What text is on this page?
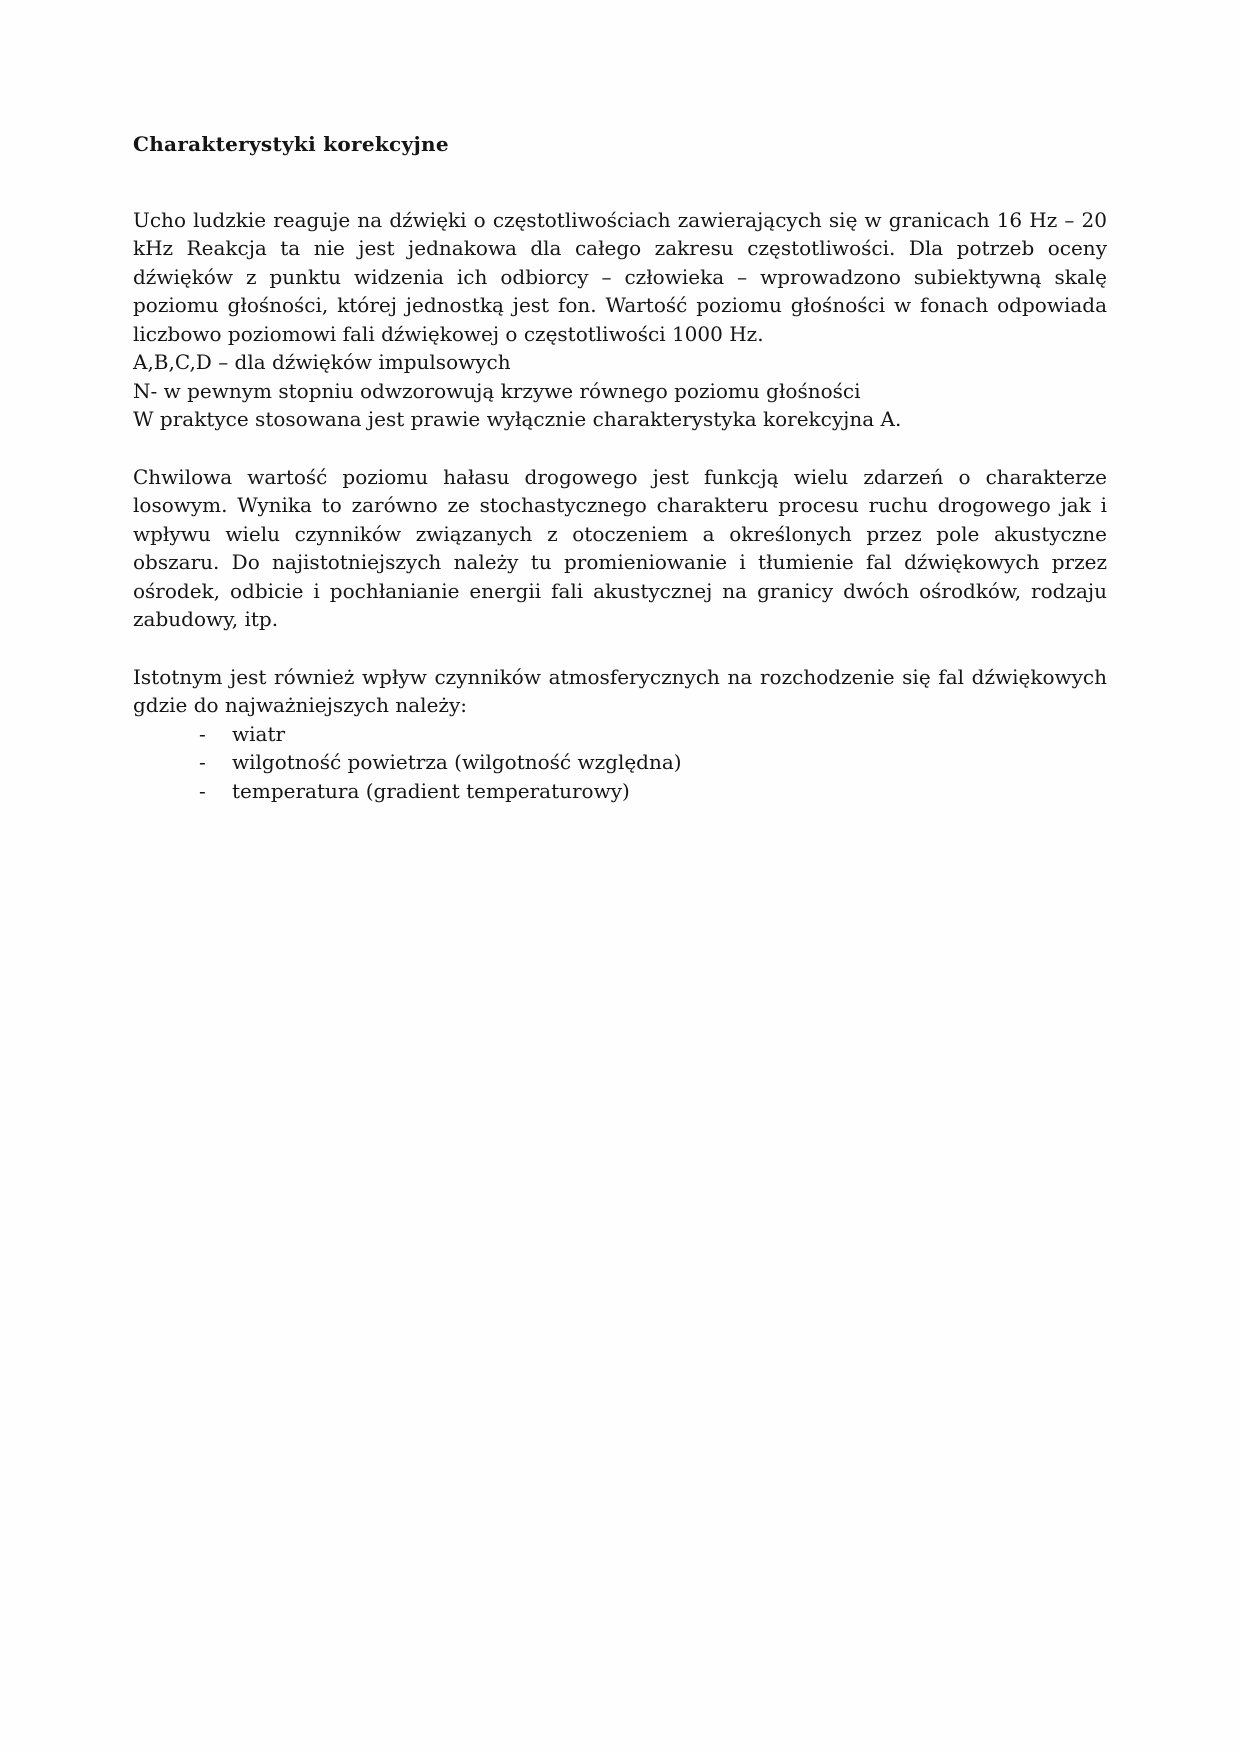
Charakterystyki korekcyjne

Ucho ludzkie reaguje na dźwięki o częstotliwościach zawierających się w granicach 16 Hz – 20 kHz Reakcja ta nie jest jednakowa dla całego zakresu częstotliwości. Dla potrzeb oceny dźwięków z punktu widzenia ich odbiorcy – człowieka – wprowadzono subiektywną skalę poziomu głośności, której jednostką jest fon. Wartość poziomu głośności w fonach odpowiada liczbowo poziomowi fali dźwiękowej o częstotliwości 1000 Hz.

A,B,C,D – dla dźwięków impulsowych

N- w pewnym stopniu odwzorowują krzywe równego poziomu głośności

W praktyce stosowana jest prawie wyłącznie charakterystyka korekcyjna A.

Chwilowa wartość poziomu hałasu drogowego jest funkcją wielu zdarzeń o charakterze losowym. Wynika to zarówno ze stochastycznego charakteru procesu ruchu drogowego jak i wpływu wielu czynników związanych z otoczeniem a określonych przez pole akustyczne obszaru. Do najistotniejszych należy tu promieniowanie i tłumienie fal dźwiękowych przez ośrodek, odbicie i pochłanianie energii fali akustycznej na granicy dwóch ośrodków, rodzaju zabudowy, itp.

Istotnym jest również wpływ czynników atmosferycznych na rozchodzenie się fal dźwiękowych gdzie do najważniejszych należy:

-	wiatr
-	wilgotność powietrza (wilgotność względna)
-	temperatura (gradient temperaturowy)
